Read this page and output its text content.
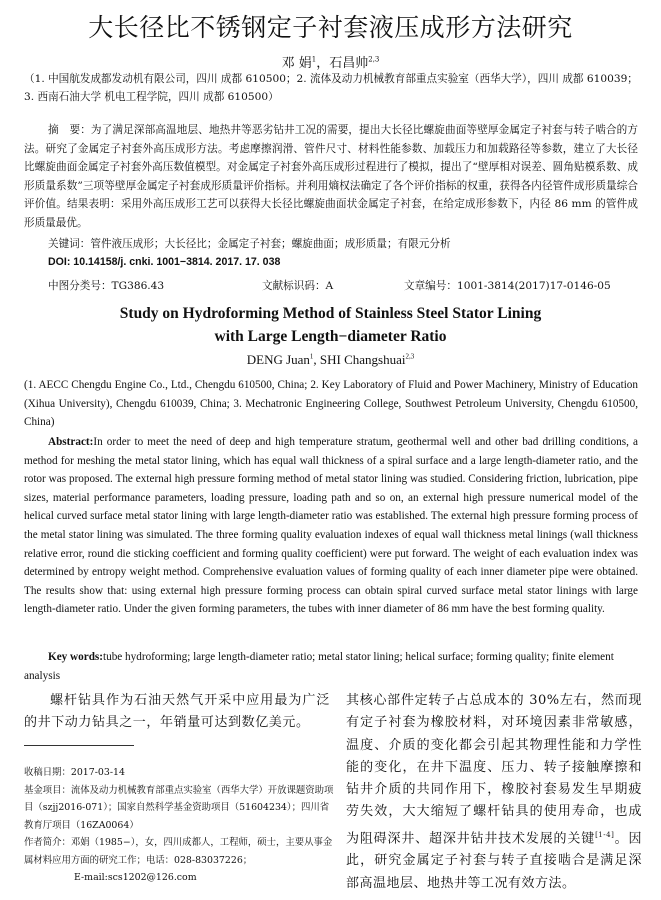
大长径比不锈钢定子衬套液压成形方法研究
邓 娟$^1$，石昌帅$^{2,3}$
（1. 中国航发成都发动机有限公司，四川 成都 610500；2. 流体及动力机械教育部重点实验室（西华大学），四川 成都 610039；3. 西南石油大学 机电工程学院，四川 成都 610500）
摘　要：为了满足深部高温地层、地热井等恶劣钻井工况的需要，提出大长径比螺旋曲面等壁厚金属定子衬套与转子啮合的方法。研究了金属定子衬套外高压成形方法。考虑摩擦润滑、管件尺寸、材料性能参数、加载压力和加载路径等参数，建立了大长径比螺旋曲面金属定子衬套外高压数值模型。对金属定子衬套外高压成形过程进行了模拟，提出了“壁厚相对误差、圆角贴模系数、成形质量系数”三项等壁厚金属定子衬套成形质量评价指标。并利用熵权法确定了各个评价指标的权重，获得各内径管件成形质量综合评价值。结果表明：采用外高压成形工艺可以获得大长径比螺旋曲面状金属定子衬套，在给定成形参数下，内径 86 mm 的管件成形质量最优。
关键词：管件液压成形；大长径比；金属定子衬套；螺旋曲面；成形质量；有限元分析
DOI: 10.14158/j. cnki. 1001−3814. 2017. 17. 038
中图分类号：TG386.43	文献标识码：A	文章编号：1001-3814(2017)17-0146-05
Study on Hydroforming Method of Stainless Steel Stator Lining
with Large Length−diameter Ratio
DENG Juan$^1$, SHI Changshuai$^{2,3}$
(1. AECC Chengdu Engine Co., Ltd., Chengdu 610500, China; 2. Key Laboratory of Fluid and Power Machinery, Ministry of Education (Xihua University), Chengdu 610039, China; 3. Mechatronic Engineering College, Southwest Petroleum University, Chengdu 610500, China)
Abstract:In order to meet the need of deep and high temperature stratum, geothermal well and other bad drilling conditions, a method for meshing the metal stator lining, which has equal wall thickness of a spiral surface and a large length-diameter ratio, and the rotor was proposed. The external high pressure forming method of metal stator lining was studied. Considering friction, lubrication, pipe sizes, material performance parameters, loading pressure, loading path and so on, an external high pressure numerical model of the helical curved surface metal stator lining with large length-diameter ratio was established. The external high pressure forming process of the metal stator lining was simulated. The three forming quality evaluation indexes of equal wall thickness metal linings (wall thickness relative error, round die sticking coefficient and forming quality coefficient) were put forward. The weight of each evaluation index was determined by entropy weight method. Comprehensive evaluation values of forming quality of each inner diameter pipe were obtained. The results show that: using external high pressure forming process can obtain spiral curved surface metal stator linings with large length-diameter ratio. Under the given forming parameters, the tubes with inner diameter of 86 mm have the best forming quality.
Key words:tube hydroforming; large length-diameter ratio; metal stator lining; helical surface; forming quality; finite element analysis
螺杆钻具作为石油天然气开采中应用最为广泛的井下动力钻具之一，年销量可达到数亿美元。
收稿日期：2017-03-14
基金项目：流体及动力机械教育部重点实验室（西华大学）开放课题资助项目（szjj2016-071）；国家自然科学基金资助项目（51604234）；四川省教育厅项目（16ZA0064）
作者简介：邓娟（1985−），女，四川成都人，工程师，硕士，主要从事金属材料应用方面的研究工作；电话：028-83037226；
E-mail:scs1202@126.com
其核心部件定转子占总成本的 30%左右，然而现有定子衬套为橡胶材料，对环境因素非常敏感，温度、介质的变化都会引起其物理性能和力学性能的变化，在井下温度、压力、转子接触摩擦和钻井介质的共同作用下，橡胶衬套易发生早期疲劳失效，大大缩短了螺杆钻具的使用寿命，也成为阻碍深井、超深井钻井技术发展的关键[1-4]。因此，研究金属定子衬套与转子直接啮合是满足深部高温地层、地热井等工况有效方法。
